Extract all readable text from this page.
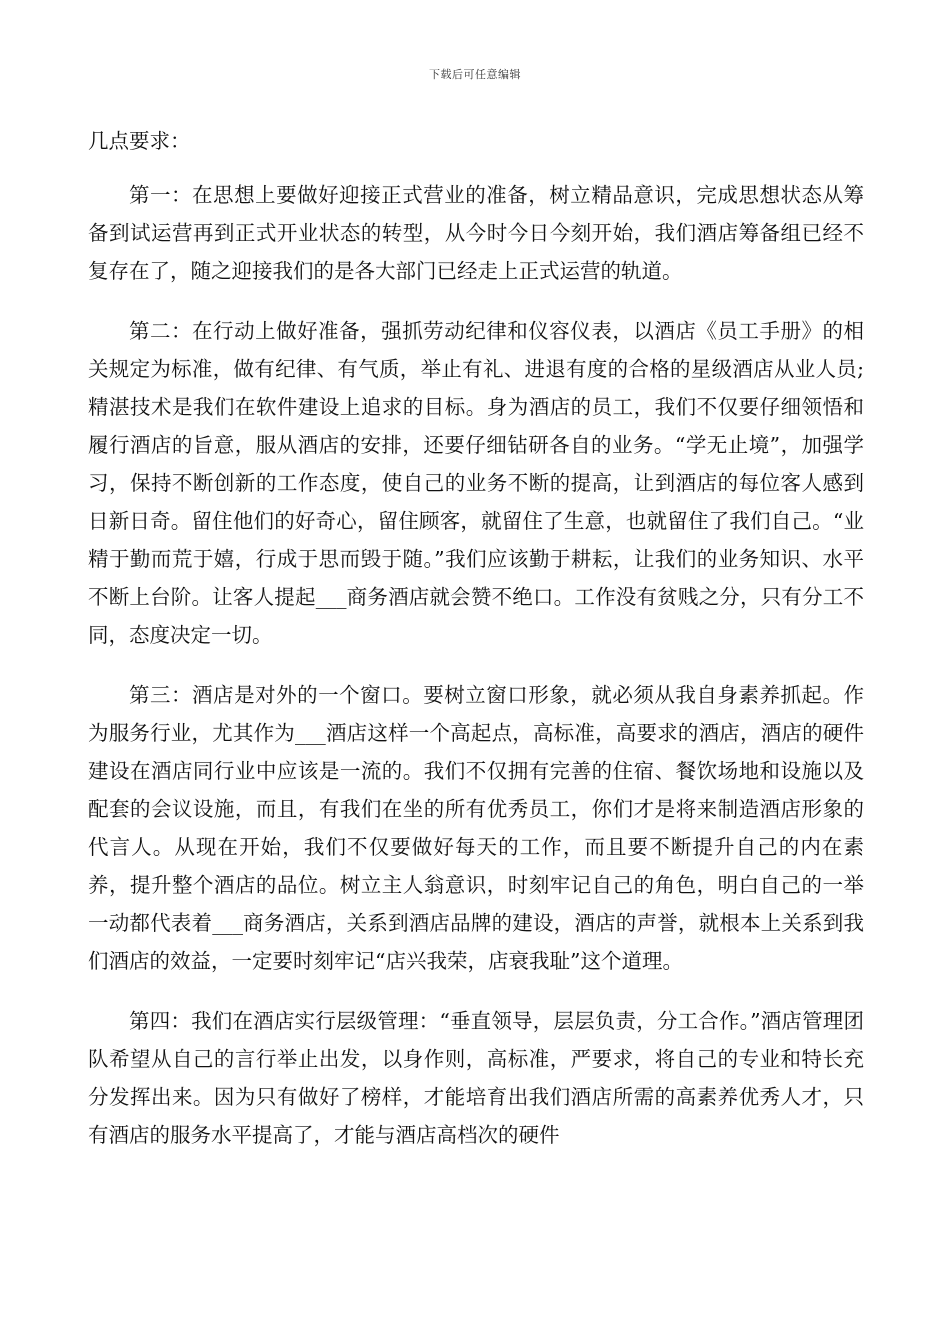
下载后可任意编辑

几点要求：

第一：在思想上要做好迎接正式营业的准备，树立精品意识，完成思想状态从筹备到试运营再到正式开业状态的转型，从今时今日今刻开始，我们酒店筹备组已经不复存在了，随之迎接我们的是各大部门已经走上正式运营的轨道。

第二：在行动上做好准备，强抓劳动纪律和仪容仪表，以酒店《员工手册》的相关规定为标准，做有纪律、有气质，举止有礼、进退有度的合格的星级酒店从业人员;精湛技术是我们在软件建设上追求的目标。身为酒店的员工，我们不仅要仔细领悟和履行酒店的旨意，服从酒店的安排，还要仔细钻研各自的业务。“学无止境”，加强学习，保持不断创新的工作态度，使自己的业务不断的提高，让到酒店的每位客人感到日新日奇。留住他们的好奇心，留住顾客，就留住了生意，也就留住了我们自己。“业精于勤而荒于嬉，行成于思而毁于随。”我们应该勤于耕耘，让我们的业务知识、水平不断上台阶。让客人提起___商务酒店就会赞不绝口。工作没有贫贱之分，只有分工不同，态度决定一切。

第三：酒店是对外的一个窗口。要树立窗口形象，就必须从我自身素养抓起。作为服务行业，尤其作为___酒店这样一个高起点，高标准，高要求的酒店，酒店的硬件建设在酒店同行业中应该是一流的。我们不仅拥有完善的住宿、餐饮场地和设施以及配套的会议设施，而且，有我们在坐的所有优秀员工，你们才是将来制造酒店形象的代言人。从现在开始，我们不仅要做好每天的工作，而且要不断提升自己的内在素养，提升整个酒店的品位。树立主人翁意识，时刻牢记自己的角色，明白自己的一举一动都代表着___商务酒店，关系到酒店品牌的建设，酒店的声誉，就根本上关系到我们酒店的效益，一定要时刻牢记“店兴我荣，店衰我耻”这个道理。

第四：我们在酒店实行层级管理：“垂直领导，层层负责，分工合作。”酒店管理团队希望从自己的言行举止出发，以身作则，高标准，严要求，将自己的专业和特长充分发挥出来。因为只有做好了榜样，才能培育出我们酒店所需的高素养优秀人才，只有酒店的服务水平提高了，才能与酒店高档次的硬件
